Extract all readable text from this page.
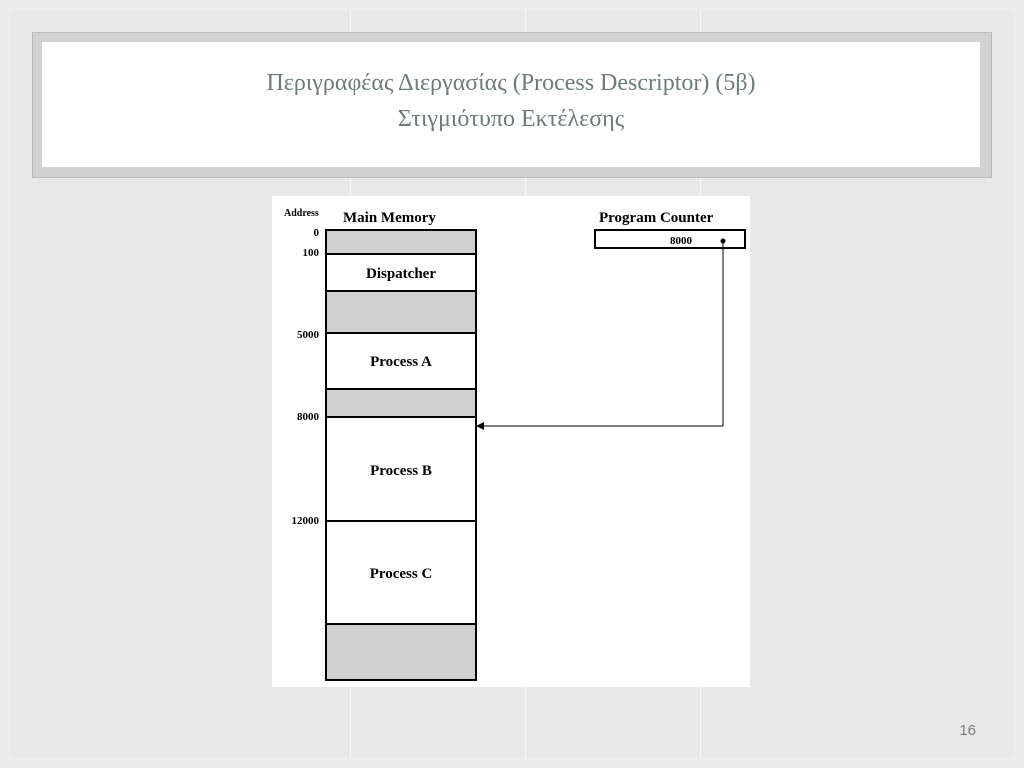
Περιγραφέας Διεργασίας (Process Descriptor) (5β)
Στιγμιότυπο Εκτέλεσης
Address Main Memory	Program Counter
Dispatcher
Process A
Process B
Process C
0
100
5000
8000
12000
8000
16
